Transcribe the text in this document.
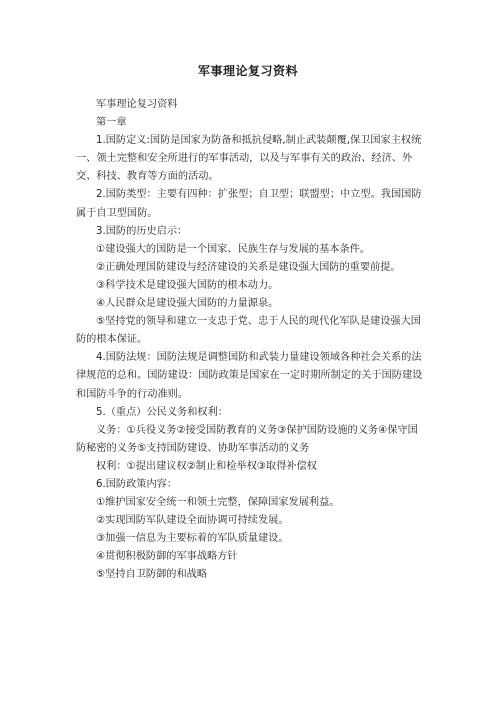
军事理论复习资料

军事理论复习资料

第一章

1.国防定义:国防是国家为防备和抵抗侵略,制止武装颠覆,保卫国家主权统一、领土完整和安全所进行的军事活动，以及与军事有关的政治、经济、外交、科技、教育等方面的活动。

2.国防类型：主要有四种：扩张型；自卫型；联盟型；中立型。我国国防属于自卫型国防。

3.国防的历史启示：

①建设强大的国防是一个国家、民族生存与发展的基本条件。

②正确处理国防建设与经济建设的关系是建设强大国防的重要前提。

③科学技术是建设强大国防的根本动力。

④人民群众是建设强大国防的力量源泉。

⑤坚持党的领导和建立一支忠于党、忠于人民的现代化军队是建设强大国防的根本保证。

4.国防法规：国防法规是调整国防和武装力量建设领域各种社会关系的法律规范的总和。国防建设：国防政策是国家在一定时期所制定的关于国防建设和国防斗争的行动准则。

5.（重点）公民义务和权利：

义务：①兵役义务②接受国防教育的义务③保护国防设施的义务④保守国防秘密的义务⑤支持国防建设、协助军事活动的义务

权利：①提出建议权②制止和检举权③取得补偿权

6.国防政策内容：

①维护国家安全统一和领土完整，保障国家发展利益。

②实现国防军队建设全面协调可持续发展。

③加强一信息为主要标着的军队质量建设。

④贯彻积极防御的军事战略方针

⑤坚持自卫防御的和战略
